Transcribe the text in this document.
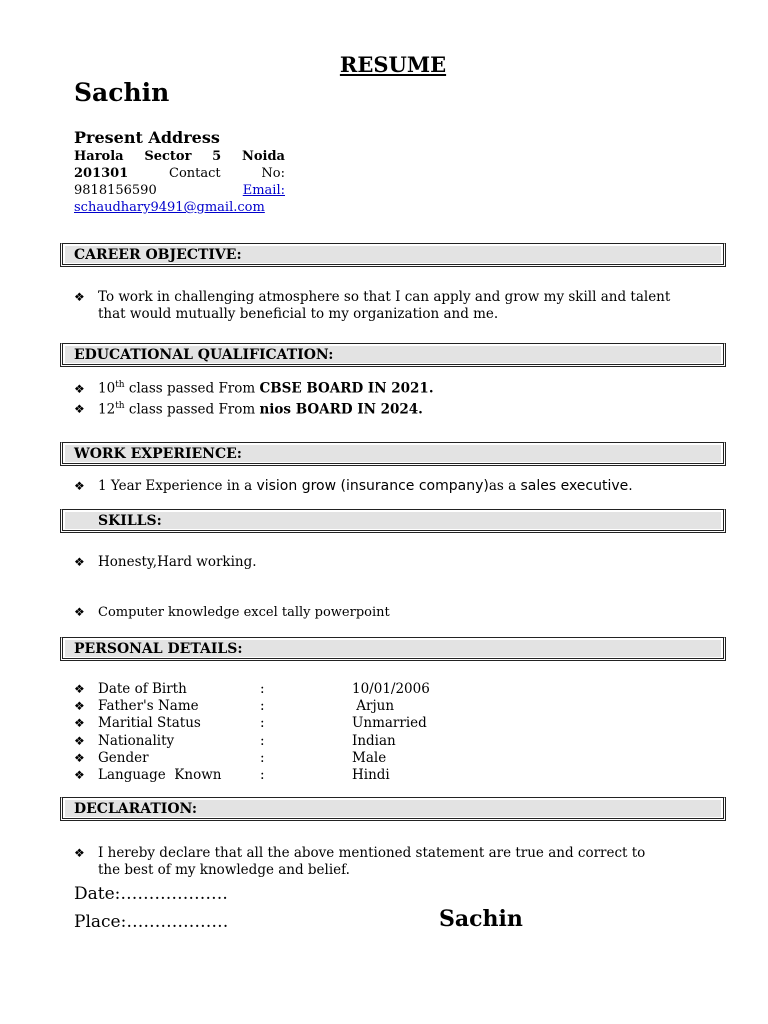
RESUME
Sachin
Present Address
Harola Sector 5 Noida
201301	Contact	No:
9818156590	Email:
schaudhary9491@gmail.com
CAREER OBJECTIVE:
❖ To work in challenging atmosphere so that I can apply and grow my skill and talent
that would mutually beneficial to my organization and me.
EDUCATIONAL QUALIFICATION:
❖ 10th class passed From CBSE BOARD IN 2021.
❖ 12th class passed From nios BOARD IN 2024.
WORK EXPERIENCE:
❖ 1 Year Experience in a vision grow (insurance company)as a sales executive.
SKILLS:
❖ Honesty,Hard working.
❖ Computer knowledge excel tally powerpoint
PERSONAL DETAILS:
❖ Date of Birth	:	10/01/2006
❖ Father's Name	:	Arjun
❖ Maritial Status	:	Unmarried
❖ Nationality	:	Indian
❖ Gender	:	Male
❖ Language  Known	:	Hindi
DECLARATION:
❖ I hereby declare that all the above mentioned statement are true and correct to
the best of my knowledge and belief.
Date:……………….
Place:………………	Sachin
